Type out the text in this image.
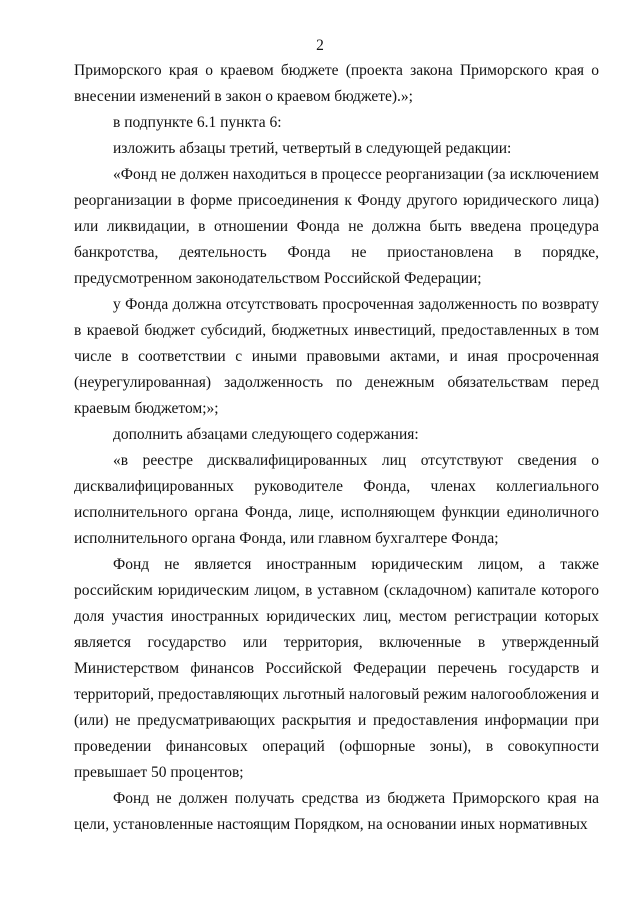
2

Приморского края о краевом бюджете (проекта закона Приморского края о внесении изменений в закон о краевом бюджете).»;

в подпункте 6.1 пункта 6:

изложить абзацы третий, четвертый в следующей редакции:

«Фонд не должен находиться в процессе реорганизации (за исключением реорганизации в форме присоединения к Фонду другого юридического лица) или ликвидации, в отношении Фонда не должна быть введена процедура банкротства, деятельность Фонда не приостановлена в порядке, предусмотренном законодательством Российской Федерации;

у Фонда должна отсутствовать просроченная задолженность по возврату в краевой бюджет субсидий, бюджетных инвестиций, предоставленных в том числе в соответствии с иными правовыми актами, и иная просроченная (неурегулированная) задолженность по денежным обязательствам перед краевым бюджетом;»;

дополнить абзацами следующего содержания:

«в реестре дисквалифицированных лиц отсутствуют сведения о дисквалифицированных руководителе Фонда, членах коллегиального исполнительного органа Фонда, лице, исполняющем функции единоличного исполнительного органа Фонда, или главном бухгалтере Фонда;

Фонд не является иностранным юридическим лицом, а также российским юридическим лицом, в уставном (складочном) капитале которого доля участия иностранных юридических лиц, местом регистрации которых является государство или территория, включенные в утвержденный Министерством финансов Российской Федерации перечень государств и территорий, предоставляющих льготный налоговый режим налогообложения и (или) не предусматривающих раскрытия и предоставления информации при проведении финансовых операций (офшорные зоны), в совокупности превышает 50 процентов;

Фонд не должен получать средства из бюджета Приморского края на цели, установленные настоящим Порядком, на основании иных нормативных
